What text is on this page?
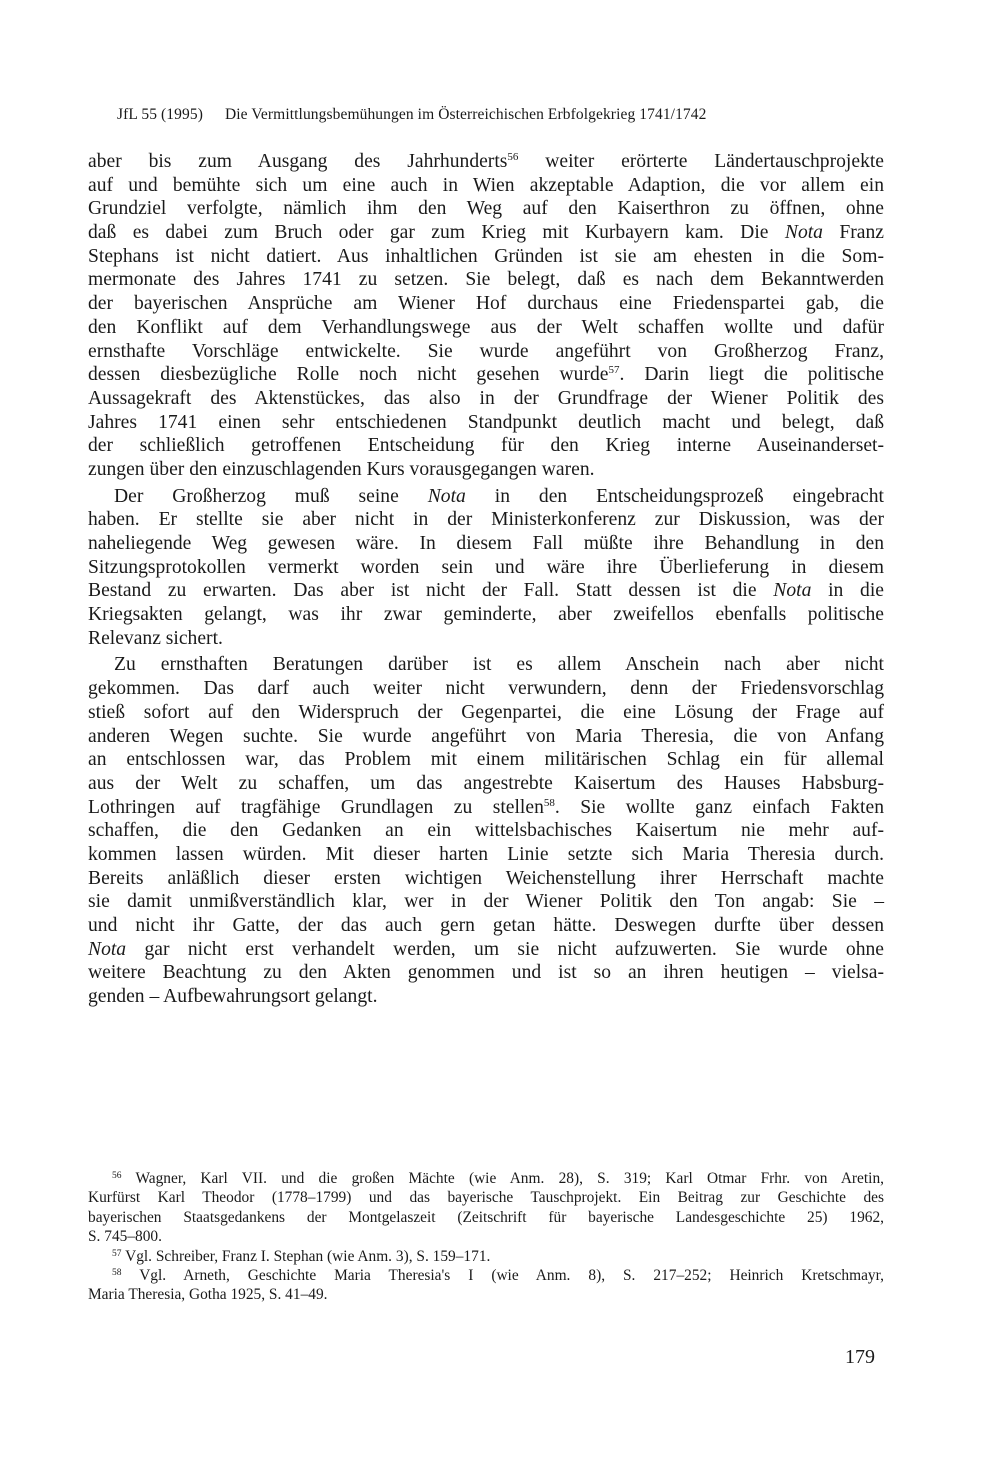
JfL 55 (1995) Die Vermittlungsbemühungen im Österreichischen Erbfolgekrieg 1741/1742
aber bis zum Ausgang des Jahrhunderts$^{56}$ weiter erörterte Ländertauschprojekte
auf und bemühte sich um eine auch in Wien akzeptable Adaption, die vor allem ein
Grundziel verfolgte, nämlich ihm den Weg auf den Kaiserthron zu öffnen, ohne
daß es dabei zum Bruch oder gar zum Krieg mit Kurbayern kam. Die Nota Franz
Stephans ist nicht datiert. Aus inhaltlichen Gründen ist sie am ehesten in die Som-
mermonate des Jahres 1741 zu setzen. Sie belegt, daß es nach dem Bekanntwerden
der bayerischen Ansprüche am Wiener Hof durchaus eine Friedenspartei gab, die
den Konflikt auf dem Verhandlungswege aus der Welt schaffen wollte und dafür
ernsthafte Vorschläge entwickelte. Sie wurde angeführt von Großherzog Franz,
dessen diesbezügliche Rolle noch nicht gesehen wurde$^{57}$. Darin liegt die politische
Aussagekraft des Aktenstückes, das also in der Grundfrage der Wiener Politik des
Jahres 1741 einen sehr entschiedenen Standpunkt deutlich macht und belegt, daß
der schließlich getroffenen Entscheidung für den Krieg interne Auseinanderset-
zungen über den einzuschlagenden Kurs vorausgegangen waren.
Der Großherzog muß seine Nota in den Entscheidungsprozeß eingebracht
haben. Er stellte sie aber nicht in der Ministerkonferenz zur Diskussion, was der
naheliegende Weg gewesen wäre. In diesem Fall müßte ihre Behandlung in den
Sitzungsprotokollen vermerkt worden sein und wäre ihre Überlieferung in diesem
Bestand zu erwarten. Das aber ist nicht der Fall. Statt dessen ist die Nota in die
Kriegsakten gelangt, was ihr zwar geminderte, aber zweifellos ebenfalls politische
Relevanz sichert.
Zu ernsthaften Beratungen darüber ist es allem Anschein nach aber nicht
gekommen. Das darf auch weiter nicht verwundern, denn der Friedensvorschlag
stieß sofort auf den Widerspruch der Gegenpartei, die eine Lösung der Frage auf
anderen Wegen suchte. Sie wurde angeführt von Maria Theresia, die von Anfang
an entschlossen war, das Problem mit einem militärischen Schlag ein für allemal
aus der Welt zu schaffen, um das angestrebte Kaisertum des Hauses Habsburg-
Lothringen auf tragfähige Grundlagen zu stellen$^{58}$. Sie wollte ganz einfach Fakten
schaffen, die den Gedanken an ein wittelsbachisches Kaisertum nie mehr auf-
kommen lassen würden. Mit dieser harten Linie setzte sich Maria Theresia durch.
Bereits anläßlich dieser ersten wichtigen Weichenstellung ihrer Herrschaft machte
sie damit unmißverständlich klar, wer in der Wiener Politik den Ton angab: Sie –
und nicht ihr Gatte, der das auch gern getan hätte. Deswegen durfte über dessen
Nota gar nicht erst verhandelt werden, um sie nicht aufzuwerten. Sie wurde ohne
weitere Beachtung zu den Akten genommen und ist so an ihren heutigen – vielsa-
genden – Aufbewahrungsort gelangt.
$^{56}$ Wagner, Karl VII. und die großen Mächte (wie Anm. 28), S. 319; Karl Otmar Frhr. von Aretin,
Kurfürst Karl Theodor (1778–1799) und das bayerische Tauschprojekt. Ein Beitrag zur Geschichte des
bayerischen Staatsgedankens der Montgelaszeit (Zeitschrift für bayerische Landesgeschichte 25) 1962,
S. 745–800.
$^{57}$ Vgl. Schreiber, Franz I. Stephan (wie Anm. 3), S. 159–171.
$^{58}$ Vgl. Arneth, Geschichte Maria Theresia's I (wie Anm. 8), S. 217–252; Heinrich Kretschmayr,
Maria Theresia, Gotha 1925, S. 41–49.
179
